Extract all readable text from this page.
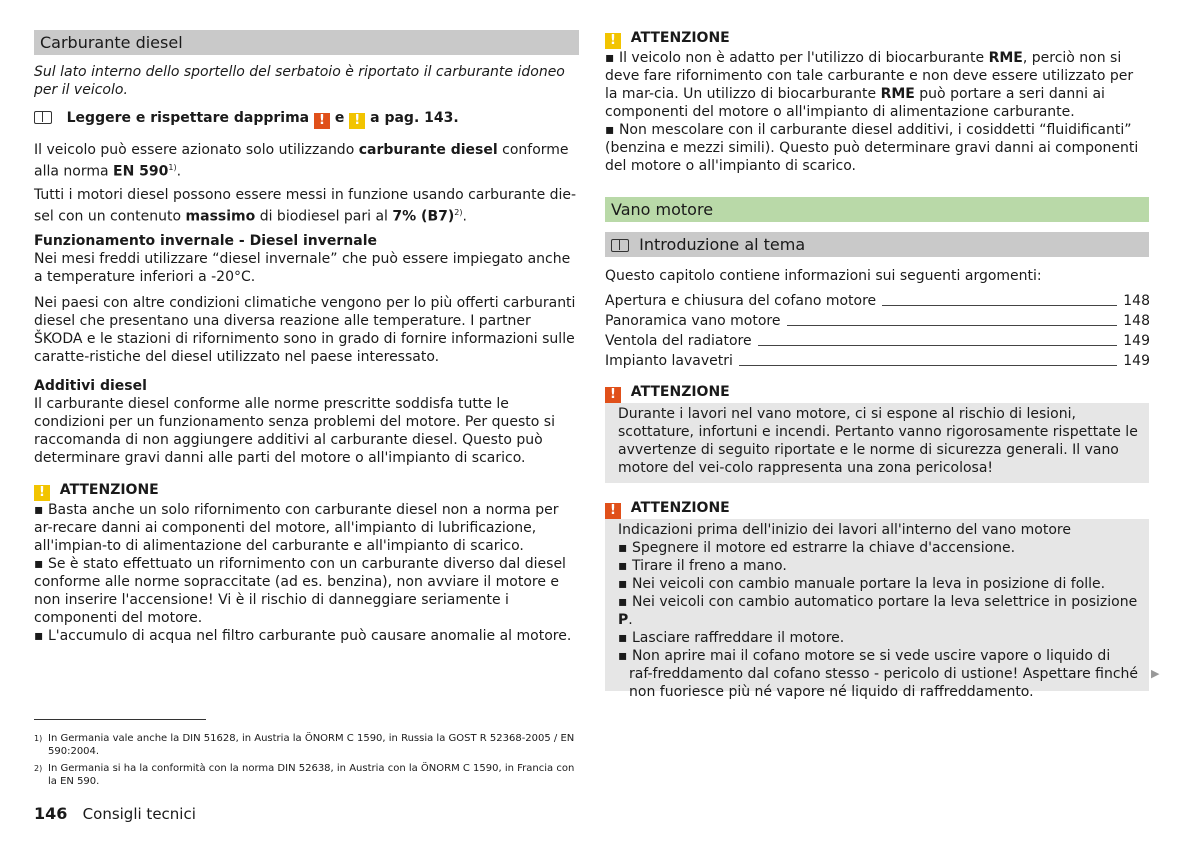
Carburante diesel

Sul lato interno dello sportello del serbatoio è riportato il carburante idoneo per il veicolo.

Leggere e rispettare dapprima ! e ! a pag. 143.

Il veicolo può essere azionato solo utilizzando carburante diesel conforme alla norma EN 590$^{1)}$.

Tutti i motori diesel possono essere messi in funzione usando carburante die-sel con un contenuto massimo di biodiesel pari al 7% $(B7)^{2)}$.

Funzionamento invernale - Diesel invernale

Nei mesi freddi utilizzare “diesel invernale” che può essere impiegato anche a temperature inferiori a -20°C.

Nei paesi con altre condizioni climatiche vengono per lo più offerti carburanti diesel che presentano una diversa reazione alle temperature. I partner ŠKODA e le stazioni di rifornimento sono in grado di fornire informazioni sulle caratte-ristiche del diesel utilizzato nel paese interessato.

Additivi diesel

Il carburante diesel conforme alle norme prescritte soddisfa tutte le condizioni per un funzionamento senza problemi del motore. Per questo si raccomanda di non aggiungere additivi al carburante diesel. Questo può determinare gravi danni alle parti del motore o all'impianto di scarico.

! ATTENZIONE

▪ Basta anche un solo rifornimento con carburante diesel non a norma per ar-recare danni ai componenti del motore, all'impianto di lubrificazione, all'impian-to di alimentazione del carburante e all'impianto di scarico.

▪ Se è stato effettuato un rifornimento con un carburante diverso dal diesel conforme alle norme sopraccitate (ad es. benzina), non avviare il motore e non inserire l'accensione! Vi è il rischio di danneggiare seriamente i componenti del motore.

▪ L'accumulo di acqua nel filtro carburante può causare anomalie al motore.

1) In Germania vale anche la DIN 51628, in Austria la ÖNORM C 1590, in Russia la GOST R 52368-2005 / EN 590:2004.
2) In Germania si ha la conformità con la norma DIN 52638, in Austria con la ÖNORM C 1590, in Francia con la EN 590.
146 Consigli tecnici

! ATTENZIONE

▪ Il veicolo non è adatto per l'utilizzo di biocarburante RME, perciò non si deve fare rifornimento con tale carburante e non deve essere utilizzato per la mar-cia. Un utilizzo di biocarburante RME può portare a seri danni ai componenti del motore o all'impianto di alimentazione carburante.

▪ Non mescolare con il carburante diesel additivi, i cosiddetti “fluidificanti” (benzina e mezzi simili). Questo può determinare gravi danni ai componenti del motore o all'impianto di scarico.

Vano motore
Introduzione al tema

Questo capitolo contiene informazioni sui seguenti argomenti:

Apertura e chiusura del cofano motore	148
Panoramica vano motore	148
Ventola del radiatore	149
Impianto lavavetri	149

! ATTENZIONE

Durante i lavori nel vano motore, ci si espone al rischio di lesioni, scottature, infortuni e incendi. Pertanto vanno rigorosamente rispettate le avvertenze di seguito riportate e le norme di sicurezza generali. Il vano motore del vei-colo rappresenta una zona pericolosa!

! ATTENZIONE

Indicazioni prima dell'inizio dei lavori all'interno del vano motore

▪ Spegnere il motore ed estrarre la chiave d'accensione.

▪ Tirare il freno a mano.

▪ Nei veicoli con cambio manuale portare la leva in posizione di folle.

▪ Nei veicoli con cambio automatico portare la leva selettrice in posizione P.

▪ Lasciare raffreddare il motore.

▪ Non aprire mai il cofano motore se si vede uscire vapore o liquido di raf-freddamento dal cofano stesso - pericolo di ustione! Aspettare finché non fuoriesce più né vapore né liquido di raffreddamento.

▶
